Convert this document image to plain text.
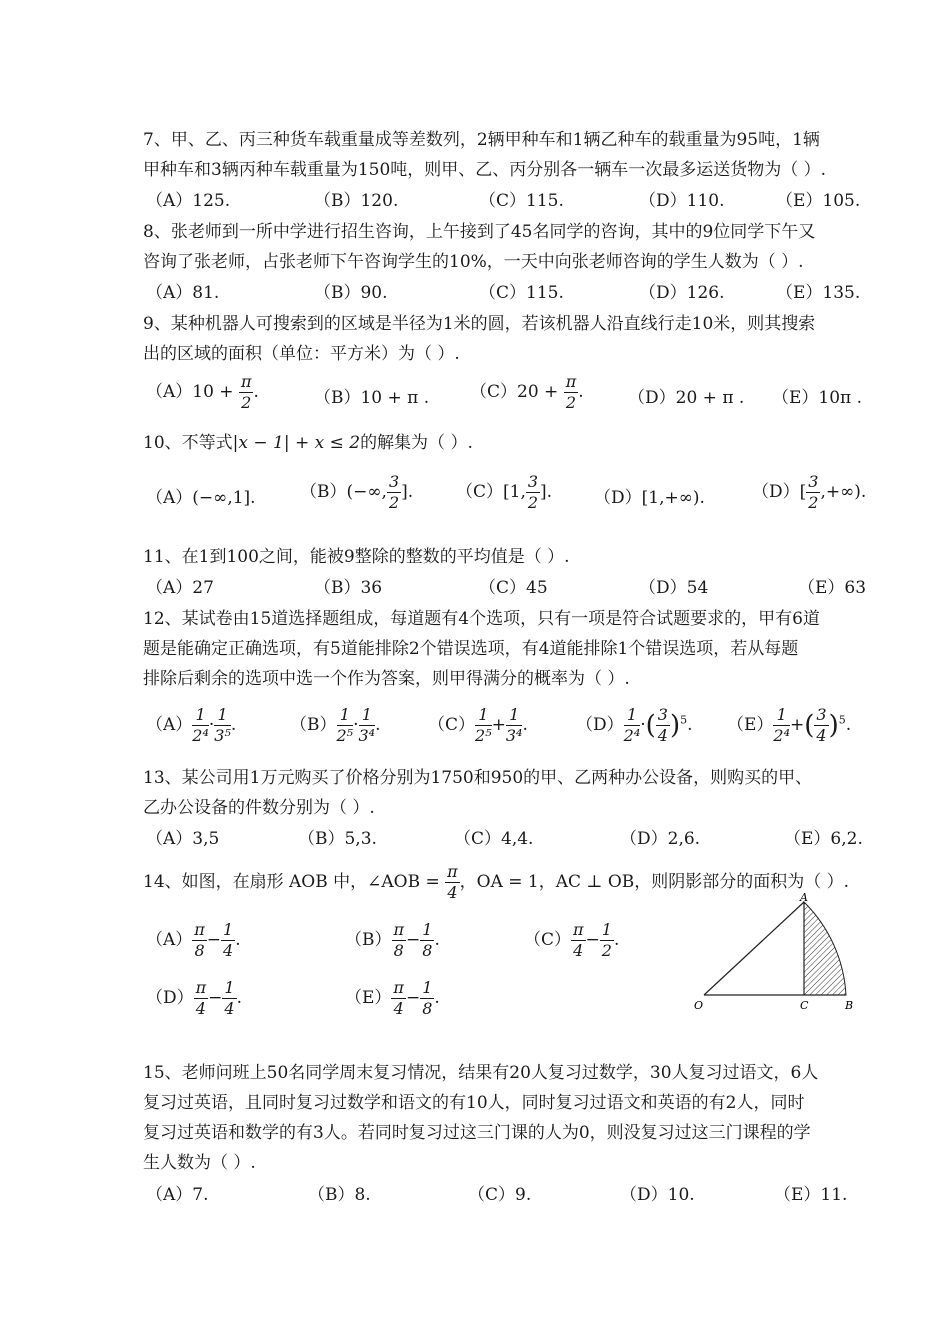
7、甲、乙、丙三种货车载重量成等差数列，2辆甲种车和1辆乙种车的载重量为95吨，1辆
甲种车和3辆丙种车载重量为150吨，则甲、乙、丙分别各一辆车一次最多运送货物为（ ）.
（A）125.	（B）120.	（C）115.	（D）110.	（E）105.
8、张老师到一所中学进行招生咨询，上午接到了45名同学的咨询，其中的9位同学下午又
咨询了张老师，占张老师下午咨询学生的10%，一天中向张老师咨询的学生人数为（ ）.
（A）81.	（B）90.	（C）115.	（D）126.	（E）135.
9、某种机器人可搜索到的区域是半径为1米的圆，若该机器人沿直线行走10米，则其搜索
出的区域的面积（单位：平方米）为（ ）.
$(A)10 + \frac{\pi}{2}$ .	（B）10 + π . $(C)20 + \frac{\pi}{2}$ .	（D）20 + π . （E）10π .
10、不等式|x − 1| + x ≤ 2的解集为（ ）.
（A）(−∞,1].	（B）(−∞, $\frac{3}{2}$ ].	（C）[1, $\frac{3}{2}$ ]. （D）[1,+∞).	$(D)[ \frac{3}{2}$ ,+∞).
11、在1到100之间，能被9整除的整数的平均值是（ ）.
（A）27	（B）36	（C）45	（D）54	（E）63
12、某试卷由15道选择题组成，每道题有4个选项，只有一项是符合试题要求的，甲有6道
题是能确定正确选项，有5道能排除2个错误选项，有4道能排除1个错误选项，若从每题
排除后剩余的选项中选一个作为答案，则甲得满分的概率为（ ）.
$(A) \frac{1}{\text{2⁴}} \cdot \frac{1}{\text{3⁵}}$ .	$(B) \frac{1}{\text{2⁵}} \cdot \frac{1}{\text{3⁴}}$ .	$(C) \frac{1}{\text{2⁵}} + \frac{1}{\text{3⁴}}$ .	$(D) \frac{1}{\text{2⁴}}$ ·( $\frac{3}{4} )^5$. $(E) \frac{1}{\text{2⁴}}$ +( $\frac{3}{4} )^5$.
13、某公司用1万元购买了价格分别为1750和950的甲、乙两种办公设备，则购买的甲、
乙办公设备的件数分别为（ ）.
（A）3,5	（B）5,3.	（C）4,4.	（D）2,6.	（E）6,2.
14、如图，在扇形 AOB 中，∠AOB = $\frac{\pi}{4}$ ，OA = 1，AC ⊥ OB，则阴影部分的面积为（ ）.
$(A) \frac{\pi}{8} - \frac{1}{4}$ .	$(B) \frac{\pi}{8} - \frac{1}{8}$ .	$(C) \frac{\pi}{4} - \frac{1}{2}$ .
$(D) \frac{\pi}{4} - \frac{1}{4}$ .	$(E) \frac{\pi}{4} - \frac{1}{8}$ .
A
O	C	B
15、老师问班上50名同学周末复习情况，结果有20人复习过数学，30人复习过语文，6人
复习过英语，且同时复习过数学和语文的有10人，同时复习过语文和英语的有2人，同时
复习过英语和数学的有3人。若同时复习过这三门课的人为0，则没复习过这三门课程的学
生人数为（ ）.
（A）7.	（B）8.	（C）9.	（D）10.	（E）11.
